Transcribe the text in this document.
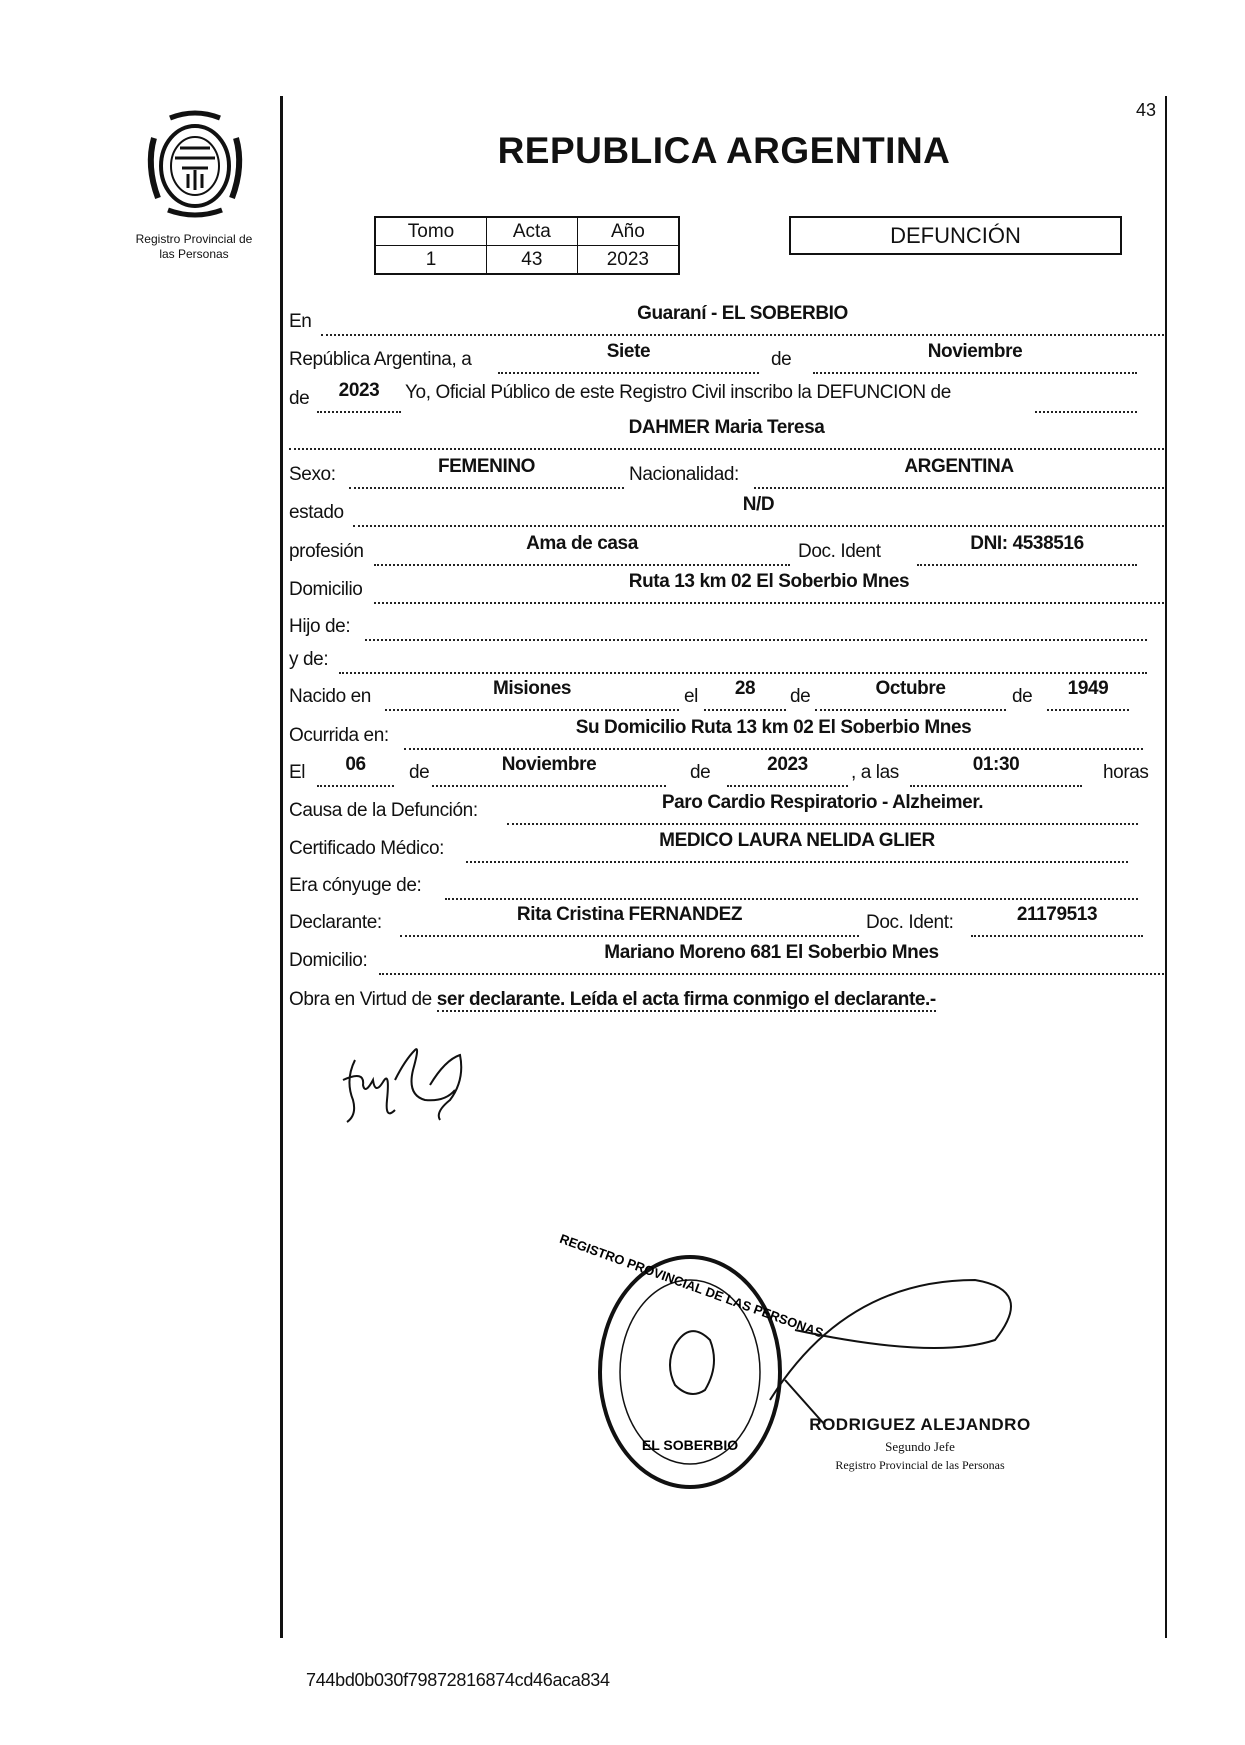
Registro Provincial de
las Personas
43
REPUBLICA ARGENTINA
Tomo	Acta	Año
1	43	2023
DEFUNCIÓN
En	Guaraní - EL SOBERBIO
República Argentina, a	Siete	de	Noviembre
de	2023	Yo, Oficial Público de este Registro Civil inscribo la DEFUNCION de
DAHMER Maria Teresa
Sexo:	FEMENINO	Nacionalidad:	ARGENTINA
estado	N/D
profesión	Ama de casa	Doc. Ident	DNI: 4538516
Domicilio	Ruta 13 km 02 El Soberbio Mnes
Hijo de:
y de:
Nacido en	Misiones	el	28	de	Octubre	de	1949
Ocurrida en:	Su Domicilio Ruta 13 km 02 El Soberbio Mnes
El	06	de	Noviembre	de	2023	, a las	01:30	horas
Causa de la Defunción:	Paro Cardio Respiratorio - Alzheimer.
Certificado Médico:	MEDICO LAURA NELIDA GLIER
Era cónyuge de:
Declarante:	Rita Cristina FERNANDEZ	Doc. Ident:	21179513
Domicilio:	Mariano Moreno 681 El Soberbio Mnes
Obra en Virtud de ser declarante. Leída el acta firma conmigo el declarante.-
REGISTRO PROVINCIAL DE LAS PERSONAS
EL SOBERBIO
RODRIGUEZ ALEJANDRO
Segundo Jefe
Registro Provincial de las Personas
744bd0b030f79872816874cd46aca834
